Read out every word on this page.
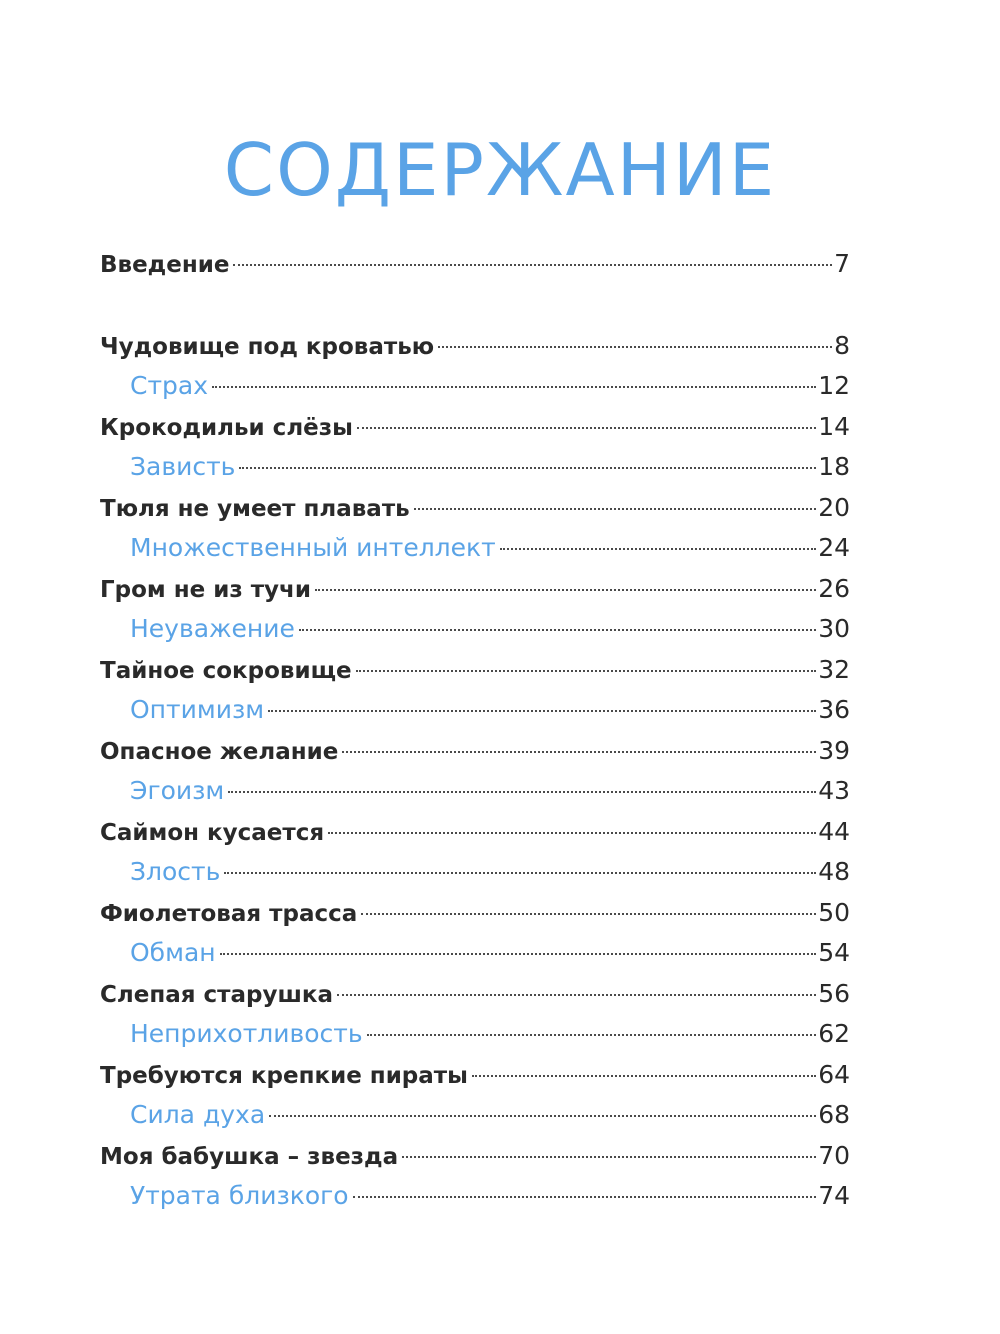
СОДЕРЖАНИЕ
Введение	7
Чудовище под кроватью	8
Страх	12
Крокодильи слёзы	14
Зависть	18
Тюля не умеет плавать	20
Множественный интеллект	24
Гром не из тучи	26
Неуважение	30
Тайное сокровище	32
Оптимизм	36
Опасное желание	39
Эгоизм	43
Саймон кусается	44
Злость	48
Фиолетовая трасса	50
Обман	54
Слепая старушка	56
Неприхотливость	62
Требуются крепкие пираты	64
Сила духа	68
Моя бабушка – звезда	70
Утрата близкого	74
